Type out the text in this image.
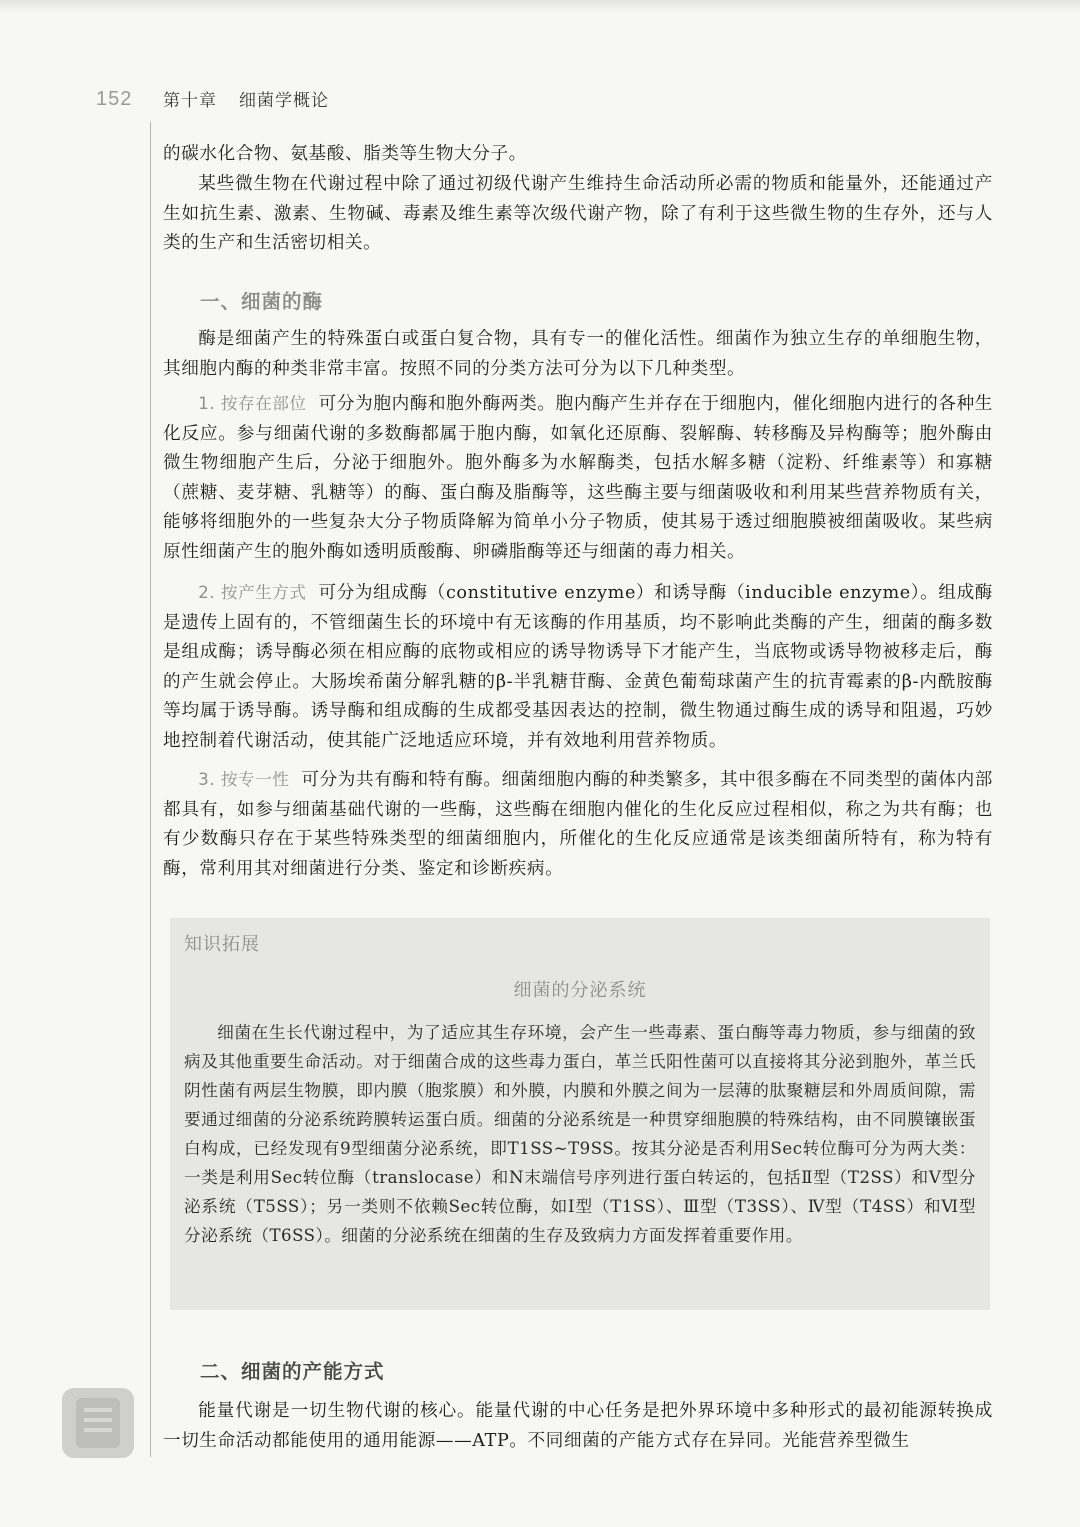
152 第十章 细菌学概论

的碳水化合物、氨基酸、脂类等生物大分子。

某些微生物在代谢过程中除了通过初级代谢产生维持生命活动所必需的物质和能量外，还能通过产生如抗生素、激素、生物碱、毒素及维生素等次级代谢产物，除了有利于这些微生物的生存外，还与人类的生产和生活密切相关。

一、细菌的酶

酶是细菌产生的特殊蛋白或蛋白复合物，具有专一的催化活性。细菌作为独立生存的单细胞生物，其细胞内酶的种类非常丰富。按照不同的分类方法可分为以下几种类型。

1. 按存在部位 可分为胞内酶和胞外酶两类。胞内酶产生并存在于细胞内，催化细胞内进行的各种生化反应。参与细菌代谢的多数酶都属于胞内酶，如氧化还原酶、裂解酶、转移酶及异构酶等；胞外酶由微生物细胞产生后，分泌于细胞外。胞外酶多为水解酶类，包括水解多糖（淀粉、纤维素等）和寡糖（蔗糖、麦芽糖、乳糖等）的酶、蛋白酶及脂酶等，这些酶主要与细菌吸收和利用某些营养物质有关，能够将细胞外的一些复杂大分子物质降解为简单小分子物质，使其易于透过细胞膜被细菌吸收。某些病原性细菌产生的胞外酶如透明质酸酶、卵磷脂酶等还与细菌的毒力相关。

2. 按产生方式 可分为组成酶（constitutive enzyme）和诱导酶（inducible enzyme）。组成酶是遗传上固有的，不管细菌生长的环境中有无该酶的作用基质，均不影响此类酶的产生，细菌的酶多数是组成酶；诱导酶必须在相应酶的底物或相应的诱导物诱导下才能产生，当底物或诱导物被移走后，酶的产生就会停止。大肠埃希菌分解乳糖的β-半乳糖苷酶、金黄色葡萄球菌产生的抗青霉素的β-内酰胺酶等均属于诱导酶。诱导酶和组成酶的生成都受基因表达的控制，微生物通过酶生成的诱导和阻遏，巧妙地控制着代谢活动，使其能广泛地适应环境，并有效地利用营养物质。

3. 按专一性 可分为共有酶和特有酶。细菌细胞内酶的种类繁多，其中很多酶在不同类型的菌体内部都具有，如参与细菌基础代谢的一些酶，这些酶在细胞内催化的生化反应过程相似，称之为共有酶；也有少数酶只存在于某些特殊类型的细菌细胞内，所催化的生化反应通常是该类细菌所特有，称为特有酶，常利用其对细菌进行分类、鉴定和诊断疾病。

知识拓展
细菌的分泌系统

细菌在生长代谢过程中，为了适应其生存环境，会产生一些毒素、蛋白酶等毒力物质，参与细菌的致病及其他重要生命活动。对于细菌合成的这些毒力蛋白，革兰氏阳性菌可以直接将其分泌到胞外，革兰氏阴性菌有两层生物膜，即内膜（胞浆膜）和外膜，内膜和外膜之间为一层薄的肽聚糖层和外周质间隙，需要通过细菌的分泌系统跨膜转运蛋白质。细菌的分泌系统是一种贯穿细胞膜的特殊结构，由不同膜镶嵌蛋白构成，已经发现有9型细菌分泌系统，即T1SS~T9SS。按其分泌是否利用Sec转位酶可分为两大类：一类是利用Sec转位酶（translocase）和N末端信号序列进行蛋白转运的，包括Ⅱ型（T2SS）和Ⅴ型分泌系统（T5SS）；另一类则不依赖Sec转位酶，如Ⅰ型（T1SS）、Ⅲ型（T3SS）、Ⅳ型（T4SS）和Ⅵ型分泌系统（T6SS）。细菌的分泌系统在细菌的生存及致病力方面发挥着重要作用。

二、细菌的产能方式

能量代谢是一切生物代谢的核心。能量代谢的中心任务是把外界环境中多种形式的最初能源转换成一切生命活动都能使用的通用能源——ATP。不同细菌的产能方式存在异同。光能营养型微生
